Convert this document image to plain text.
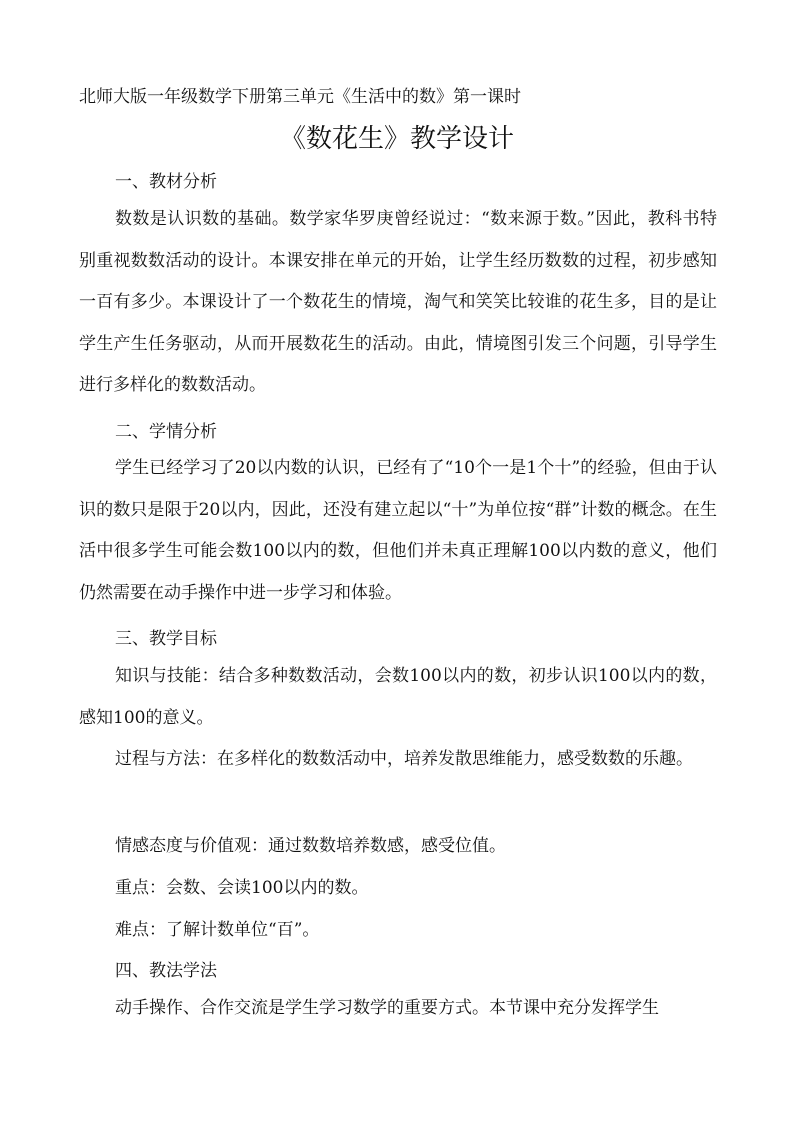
北师大版一年级数学下册第三单元《生活中的数》第一课时
《数花生》教学设计
一、教材分析

数数是认识数的基础。数学家华罗庚曾经说过：“数来源于数。”因此，教科书特别重视数数活动的设计。本课安排在单元的开始，让学生经历数数的过程，初步感知一百有多少。本课设计了一个数花生的情境，淘气和笑笑比较谁的花生多，目的是让学生产生任务驱动，从而开展数花生的活动。由此，情境图引发三个问题，引导学生进行多样化的数数活动。

二、学情分析

学生已经学习了20以内数的认识，已经有了“10个一是1个十”的经验，但由于认识的数只是限于20以内，因此，还没有建立起以“十”为单位按“群”计数的概念。在生活中很多学生可能会数100以内的数，但他们并未真正理解100以内数的意义，他们仍然需要在动手操作中进一步学习和体验。

三、教学目标

知识与技能：结合多种数数活动，会数100以内的数，初步认识100以内的数，感知100的意义。

过程与方法：在多样化的数数活动中，培养发散思维能力，感受数数的乐趣。

情感态度与价值观：通过数数培养数感，感受位值。
重点：会数、会读100以内的数。
难点：了解计数单位“百”。
四、教法学法

动手操作、合作交流是学生学习数学的重要方式。本节课中充分发挥学生
